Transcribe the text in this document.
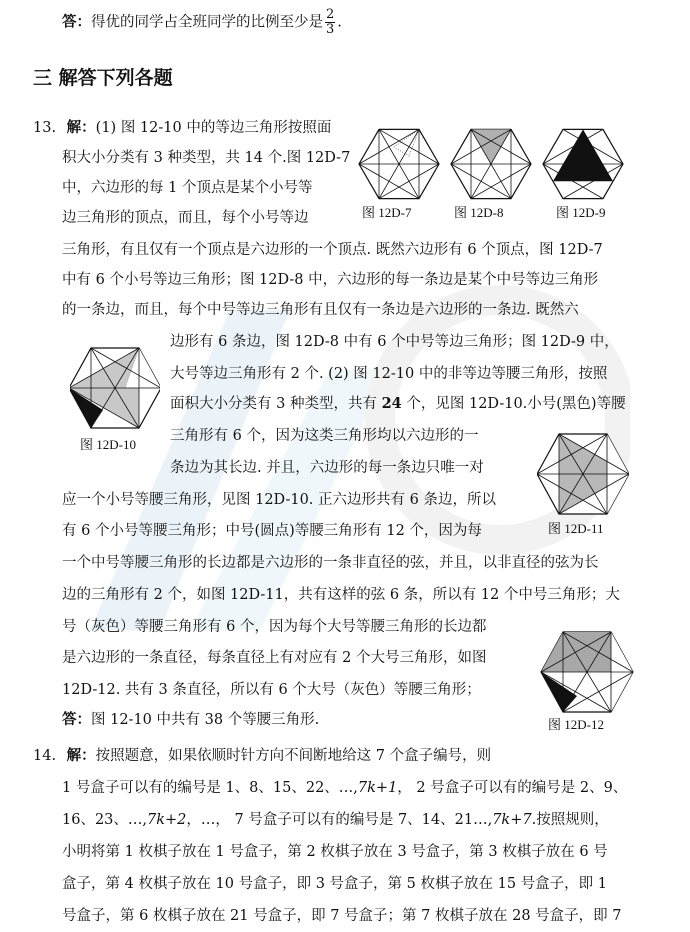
答：得优的同学占全班同学的比例至少是 $\frac{2}{3}$ .
三 解答下列各题
13. 解：(1) 图 12-10 中的等边三角形按照面
积大小分类有 3 种类型，共 14 个.图 12D-7
中，六边形的每 1 个顶点是某个小号等
边三角形的顶点，而且，每个小号等边
三角形，有且仅有一个顶点是六边形的一个顶点. 既然六边形有 6 个顶点，图 12D-7
中有 6 个小号等边三角形；图 12D-8 中，六边形的每一条边是某个中号等边三角形
的一条边，而且，每个中号等边三角形有且仅有一条边是六边形的一条边. 既然六
边形有 6 条边，图 12D-8 中有 6 个中号等边三角形；图 12D-9 中，
大号等边三角形有 2 个. (2) 图 12-10 中的非等边等腰三角形，按照
面积大小分类有 3 种类型，共有 24 个，见图 12D-10.小号(黑色)等腰
三角形有 6 个，因为这类三角形均以六边形的一
条边为其长边. 并且，六边形的每一条边只唯一对
应一个小号等腰三角形，见图 12D-10. 正六边形共有 6 条边，所以
有 6 个小号等腰三角形；中号(圆点)等腰三角形有 12 个，因为每
一个中号等腰三角形的长边都是六边形的一条非直径的弦，并且，以非直径的弦为长
边的三角形有 2 个，如图 12D-11，共有这样的弦 6 条，所以有 12 个中号三角形；大
号（灰色）等腰三角形有 6 个，因为每个大号等腰三角形的长边都
是六边形的一条直径，每条直径上有对应有 2 个大号三角形，如图
12D-12. 共有 3 条直径，所以有 6 个大号（灰色）等腰三角形；
答：图 12-10 中共有 38 个等腰三角形.
图 12D-7	图 12D-8	图 12D-9
图 12D-10
图 12D-11
图 12D-12
14. 解：按照题意，如果依顺时针方向不间断地给这 7 个盒子编号，则
1 号盒子可以有的编号是 1、8、15、22、…,7k+1， 2 号盒子可以有的编号是 2、9、
16、23、…,7k+2，…， 7 号盒子可以有的编号是 7、14、21…,7k+7.按照规则，
小明将第 1 枚棋子放在 1 号盒子，第 2 枚棋子放在 3 号盒子，第 3 枚棋子放在 6 号
盒子，第 4 枚棋子放在 10 号盒子，即 3 号盒子，第 5 枚棋子放在 15 号盒子，即 1
号盒子，第 6 枚棋子放在 21 号盒子，即 7 号盒子；第 7 枚棋子放在 28 号盒子，即 7
